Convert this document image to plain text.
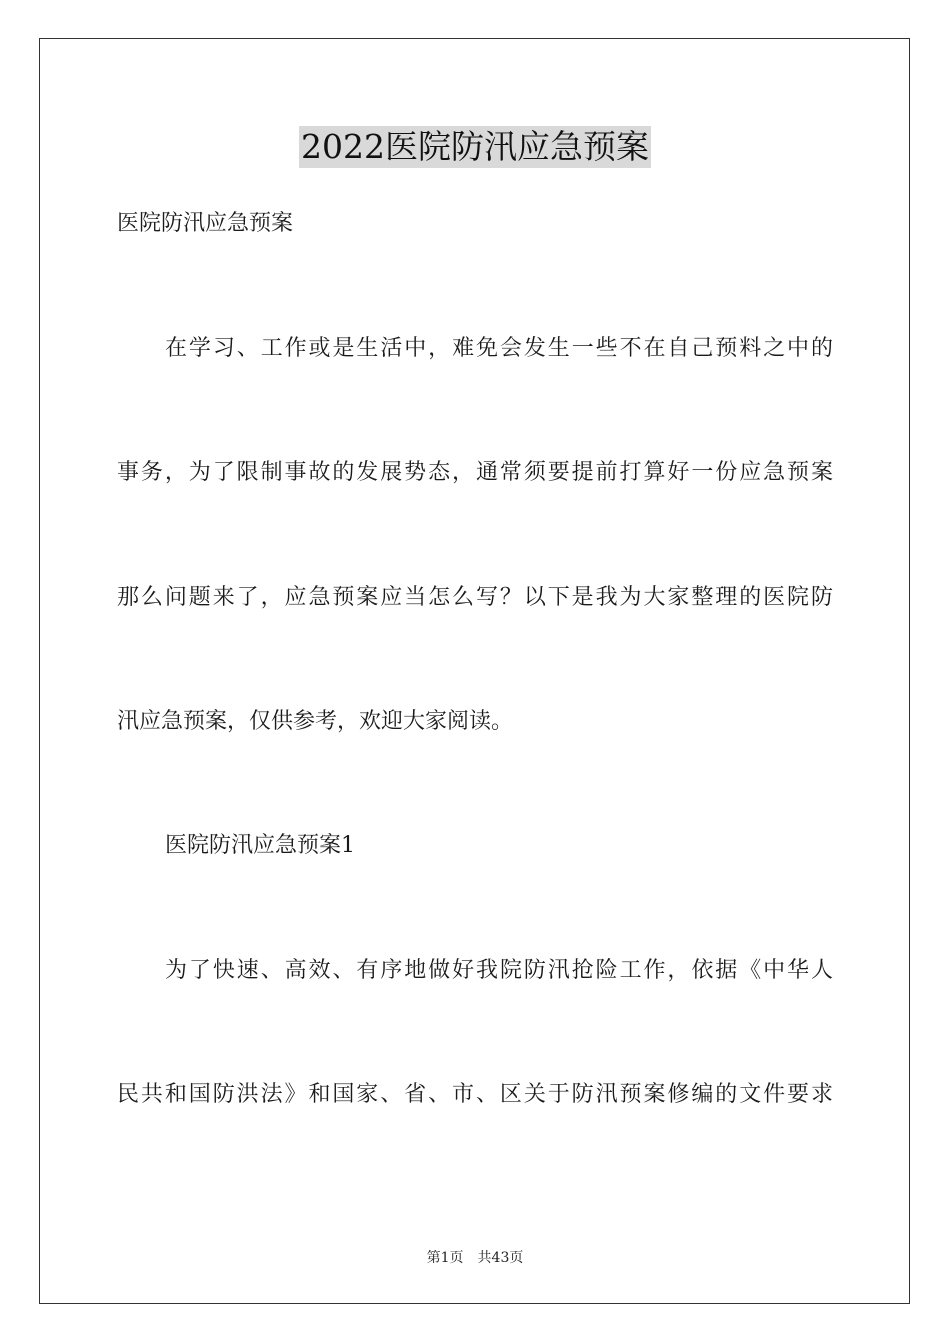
2022医院防汛应急预案
医院防汛应急预案
在学习、工作或是生活中，难免会发生一些不在自己预料之中的
事务，为了限制事故的发展势态，通常须要提前打算好一份应急预案
那么问题来了，应急预案应当怎么写？以下是我为大家整理的医院防
汛应急预案，仅供参考，欢迎大家阅读。
医院防汛应急预案1
为了快速、高效、有序地做好我院防汛抢险工作，依据《中华人
民共和国防洪法》和国家、省、市、区关于防汛预案修编的文件要求
第1页 共43页
